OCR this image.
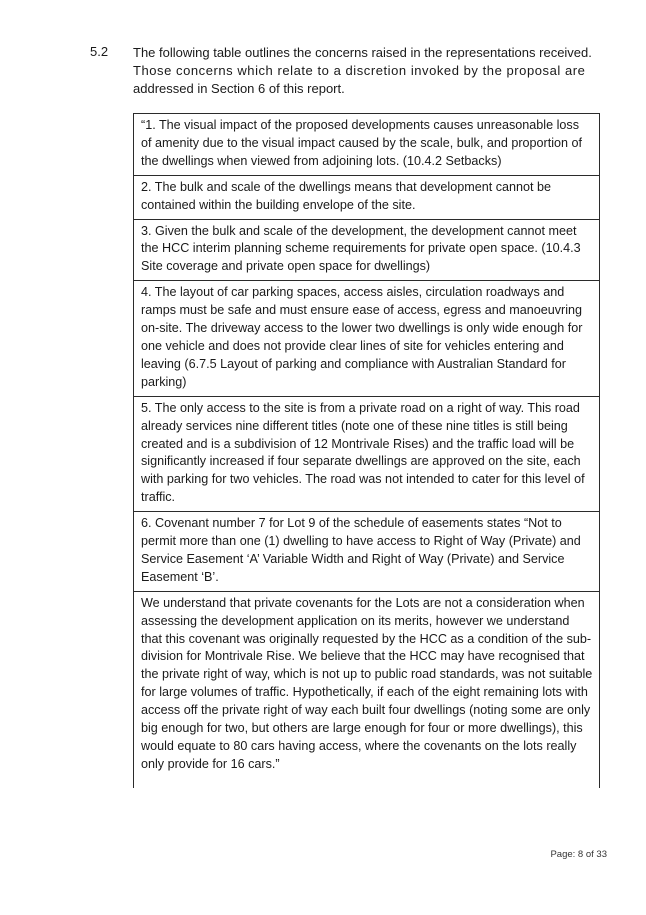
5.2 The following table outlines the concerns raised in the representations received.
Those concerns which relate to a discretion invoked by the proposal are
addressed in Section 6 of this report.
“1. The visual impact of the proposed developments causes unreasonable loss
of amenity due to the visual impact caused by the scale, bulk, and proportion of
the dwellings when viewed from adjoining lots. (10.4.2 Setbacks)
2. The bulk and scale of the dwellings means that development cannot be
contained within the building envelope of the site.
3. Given the bulk and scale of the development, the development cannot meet
the HCC interim planning scheme requirements for private open space. (10.4.3
Site coverage and private open space for dwellings)
4. The layout of car parking spaces, access aisles, circulation roadways and
ramps must be safe and must ensure ease of access, egress and manoeuvring
on-site. The driveway access to the lower two dwellings is only wide enough for
one vehicle and does not provide clear lines of site for vehicles entering and
leaving (6.7.5 Layout of parking and compliance with Australian Standard for
parking)
5. The only access to the site is from a private road on a right of way. This road
already services nine different titles (note one of these nine titles is still being
created and is a subdivision of 12 Montrivale Rises) and the traffic load will be
significantly increased if four separate dwellings are approved on the site, each
with parking for two vehicles. The road was not intended to cater for this level of
traffic.
6. Covenant number 7 for Lot 9 of the schedule of easements states “Not to
permit more than one (1) dwelling to have access to Right of Way (Private) and
Service Easement ‘A’ Variable Width and Right of Way (Private) and Service
Easement ‘B’.
We understand that private covenants for the Lots are not a consideration when
assessing the development application on its merits, however we understand
that this covenant was originally requested by the HCC as a condition of the sub-
division for Montrivale Rise. We believe that the HCC may have recognised that
the private right of way, which is not up to public road standards, was not suitable
for large volumes of traffic. Hypothetically, if each of the eight remaining lots with
access off the private right of way each built four dwellings (noting some are only
big enough for two, but others are large enough for four or more dwellings), this
would equate to 80 cars having access, where the covenants on the lots really
only provide for 16 cars.”
Page: 8 of 33
